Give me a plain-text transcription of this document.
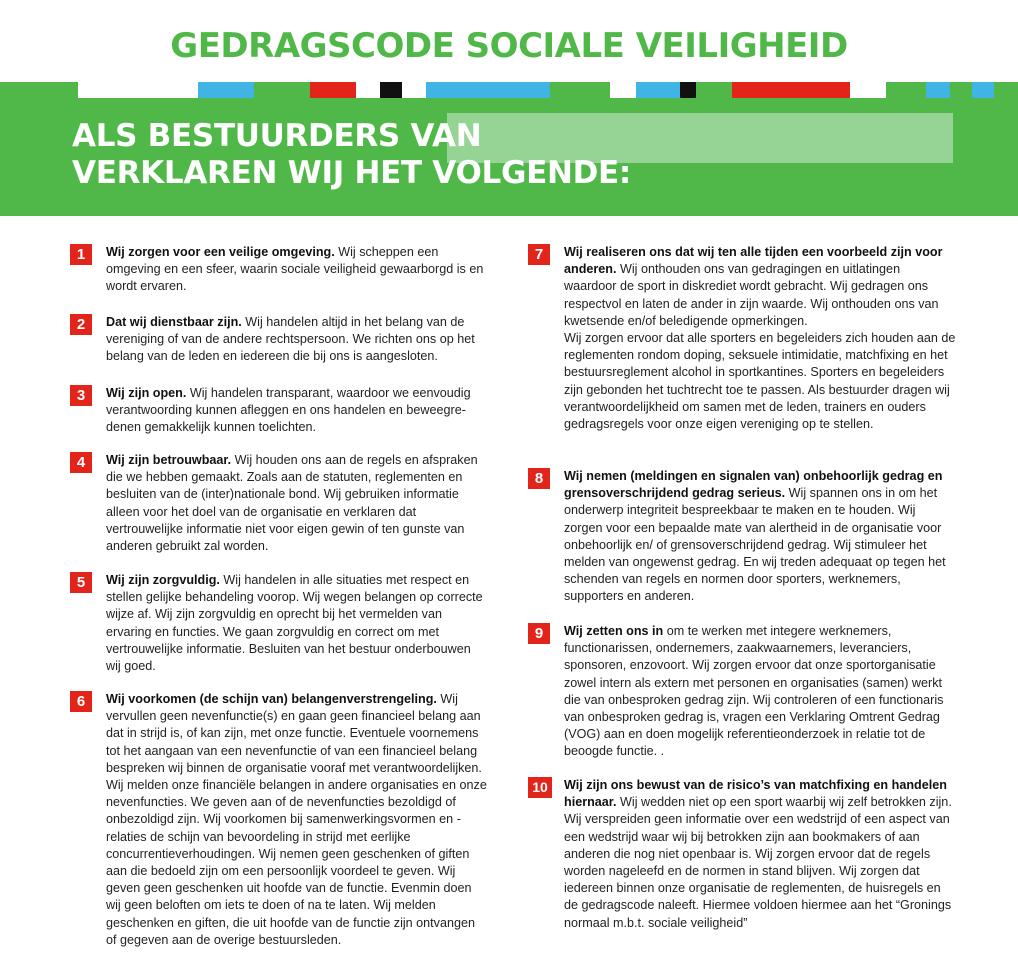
GEDRAGSCODE SOCIALE VEILIGHEID
ALS BESTUURDERS VAN
VERKLAREN WIJ HET VOLGENDE:
1	Wij zorgen voor een veilige omgeving. Wij scheppen een omgeving en een sfeer, waarin sociale veiligheid gewaarborgd is en wordt ervaren.
2	Dat wij dienstbaar zijn. Wij handelen altijd in het belang van de vereniging of van de andere rechtspersoon. We richten ons op het belang van de leden en iedereen die bij ons is aangesloten.
3	Wij zijn open. Wij handelen transparant, waardoor we eenvoudig verantwoording kunnen afleggen en ons handelen en beweegredenen gemakkelijk kunnen toelichten.
4	Wij zijn betrouwbaar. Wij houden ons aan de regels en afspraken die we hebben gemaakt. Zoals aan de statuten, reglementen en besluiten van de (inter)nationale bond. Wij gebruiken informatie alleen voor het doel van de organisatie en verklaren dat vertrouwelijke informatie niet voor eigen gewin of ten gunste van anderen gebruikt zal worden.
5	Wij zijn zorgvuldig. Wij handelen in alle situaties met respect en stellen gelijke behandeling voorop. Wij wegen belangen op correcte wijze af. Wij zijn zorgvuldig en oprecht bij het vermelden van ervaring en functies. We gaan zorgvuldig en correct om met vertrouwelijke informatie. Besluiten van het bestuur onderbouwen wij goed.
6	Wij voorkomen (de schijn van) belangenverstrengeling. Wij vervullen geen nevenfunctie(s) en gaan geen financieel belang aan dat in strijd is, of kan zijn, met onze functie. Eventuele voornemens tot het aangaan van een nevenfunctie of van een financieel belang bespreken wij binnen de organisatie vooraf met verantwoordelijken. Wij melden onze financiële belangen in andere organisaties en onze nevenfuncties. We geven aan of de nevenfuncties bezoldigd of onbezoldigd zijn. Wij voorkomen bij samenwerkingsvormen en -relaties de schijn van bevoordeling in strijd met eerlijke concurrentieverhoudingen. Wij nemen geen geschenken of giften aan die bedoeld zijn om een persoonlijk voordeel te geven. Wij geven geen geschenken uit hoofde van de functie. Evenmin doen wij geen beloften om iets te doen of na te laten. Wij melden geschenken en giften, die uit hoofde van de functie zijn ontvangen of gegeven aan de overige bestuursleden.
7	Wij realiseren ons dat wij ten alle tijden een voorbeeld zijn voor anderen. Wij onthouden ons van gedragingen en uitlatingen waardoor de sport in diskrediet wordt gebracht. Wij gedragen ons respectvol en laten de ander in zijn waarde. Wij onthouden ons van kwetsende en/of beledigende opmerkingen.
Wij zorgen ervoor dat alle sporters en begeleiders zich houden aan de reglementen rondom doping, seksuele intimidatie, matchfixing en het bestuursreglement alcohol in sportkantines. Sporters en begeleiders zijn gebonden het tuchtrecht toe te passen. Als bestuurder dragen wij verantwoordelijkheid om samen met de leden, trainers en ouders gedragsregels voor onze eigen vereniging op te stellen.
8	Wij nemen (meldingen en signalen van) onbehoorlijk gedrag en grensoverschrijdend gedrag serieus. Wij spannen ons in om het onderwerp integriteit bespreekbaar te maken en te houden. Wij zorgen voor een bepaalde mate van alertheid in de organisatie voor onbehoorlijk en/ of grensoverschrijdend gedrag. Wij stimuleer het melden van ongewenst gedrag. En wij treden adequaat op tegen het schenden van regels en normen door sporters, werknemers, supporters en anderen.
9	Wij zetten ons in om te werken met integere werknemers, functionarissen, ondernemers, zaakwaarnemers, leveranciers, sponsoren, enzovoort. Wij zorgen ervoor dat onze sportorganisatie zowel intern als extern met personen en organisaties (samen) werkt die van onbesproken gedrag zijn. Wij controleren of een functionaris van onbesproken gedrag is, vragen een Verklaring Omtrent Gedrag (VOG) aan en doen mogelijk referentieonderzoek in relatie tot de beoogde functie. .
10	Wij zijn ons bewust van de risico’s van matchfixing en handelen hiernaar. Wij wedden niet op een sport waarbij wij zelf betrokken zijn. Wij verspreiden geen informatie over een wedstrijd of een aspect van een wedstrijd waar wij bij betrokken zijn aan bookmakers of aan anderen die nog niet openbaar is. Wij zorgen ervoor dat de regels worden nageleefd en de normen in stand blijven. Wij zorgen dat iedereen binnen onze organisatie de reglementen, de huisregels en de gedragscode naleeft. Hiermee voldoen hiermee aan het “Gronings normaal m.b.t. sociale veiligheid”
